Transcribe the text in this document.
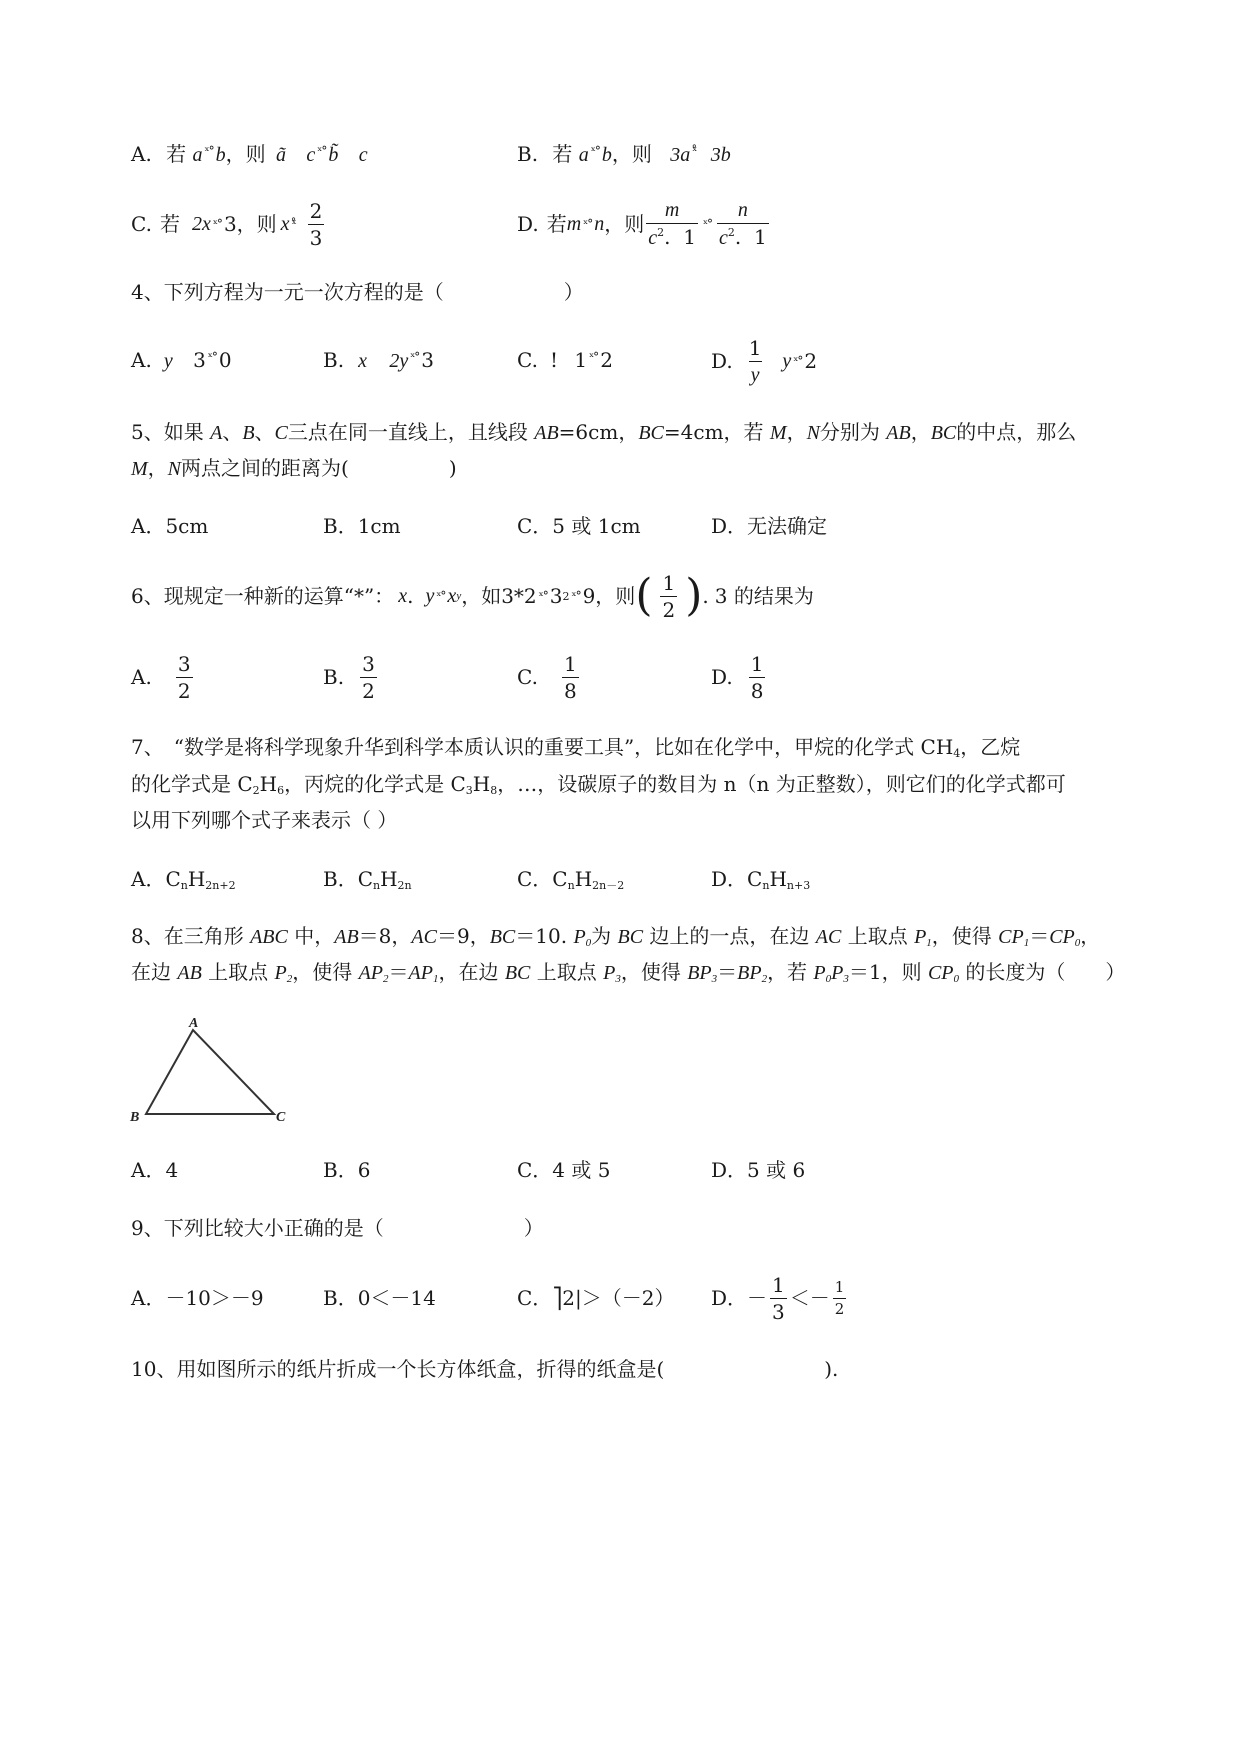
A. 若 a $^{ˣ^\circ}$ b，则 ã c $^{ˣ^\circ}$ b̃ c	B. 若 a $^{ˣ^\circ}$ b，则 3a $^{ˣ̊}$ 3b
C. 若 2x ˣ° 3 ，则 x ˣ̊ $\frac{2}{3}$	D. 若 m ˣ° n ，则 $\frac{m}{c^2. 1}$ ˣ° $\frac{n}{c^2. 1}$
4、下列方程为一元一次方程的是（　　　　　　）
A. y 3 $^{ˣ^\circ}$ 0	B. x 2y $^{ˣ^\circ}$ 3	C. ! 1 $^{ˣ^\circ}$ 2	D. $\frac{1}{y}$ y ˣ° 2
5、如果 A、B、C三点在同一直线上，且线段 AB=6cm，BC=4cm，若 M，N分别为 AB，BC的中点，那么
M，N两点之间的距离为(　　　　　)
A．5cm	B．1cm	C．5 或 1cm	D．无法确定
6、现规定一种新的运算“*”： x . y ˣ° x y ，如3*2 ˣ° 3 2 ˣ° 9，则 ( $\frac{1}{2}$ ) . 3 的结果为
A. $\frac{3}{2}$	B. $\frac{3}{2}$	C. $\frac{1}{8}$	D. $\frac{1}{8}$
7、　“数学是将科学现象升华到科学本质认识的重要工具”，比如在化学中，甲烷的化学式 $CH_4$，乙烷
的化学式是 $C_2H_6$，丙烷的化学式是 $C_3H_8$，…，设碳原子的数目为 n（n 为正整数），则它们的化学式都可
以用下列哪个式子来表示（ ）
A．$C_nH_{2n+2}$	B．$C_nH_{2n}$	C．$C_nH_{2n-2}$	D．$C_nH_{n+3}$
8、在三角形 ABC 中，AB＝8，AC＝9，BC＝10. $P_0$为 BC 边上的一点，在边 AC 上取点 $P_1$，使得 $CP_1=CP_0$，
在边 AB 上取点 $P_2$，使得 $AP_2=AP_1$，在边 BC 上取点 $P_3$，使得 $BP_3=BP_2$，若 $P_0P_3=1$，则 $CP_0$ 的长度为（　　）
A
B	C
A．4	B．6	C．4 或 5	D．5 或 6
9、下列比较大小正确的是（　　　　　　　）
A．－10＞－9	B．0＜－14	C．⎤2|＞（－2） D．－ $\frac{1}{3} <- \frac{1}{2}$
10、用如图所示的纸片折成一个长方体纸盒，折得的纸盒是(　　　　　　　　).
